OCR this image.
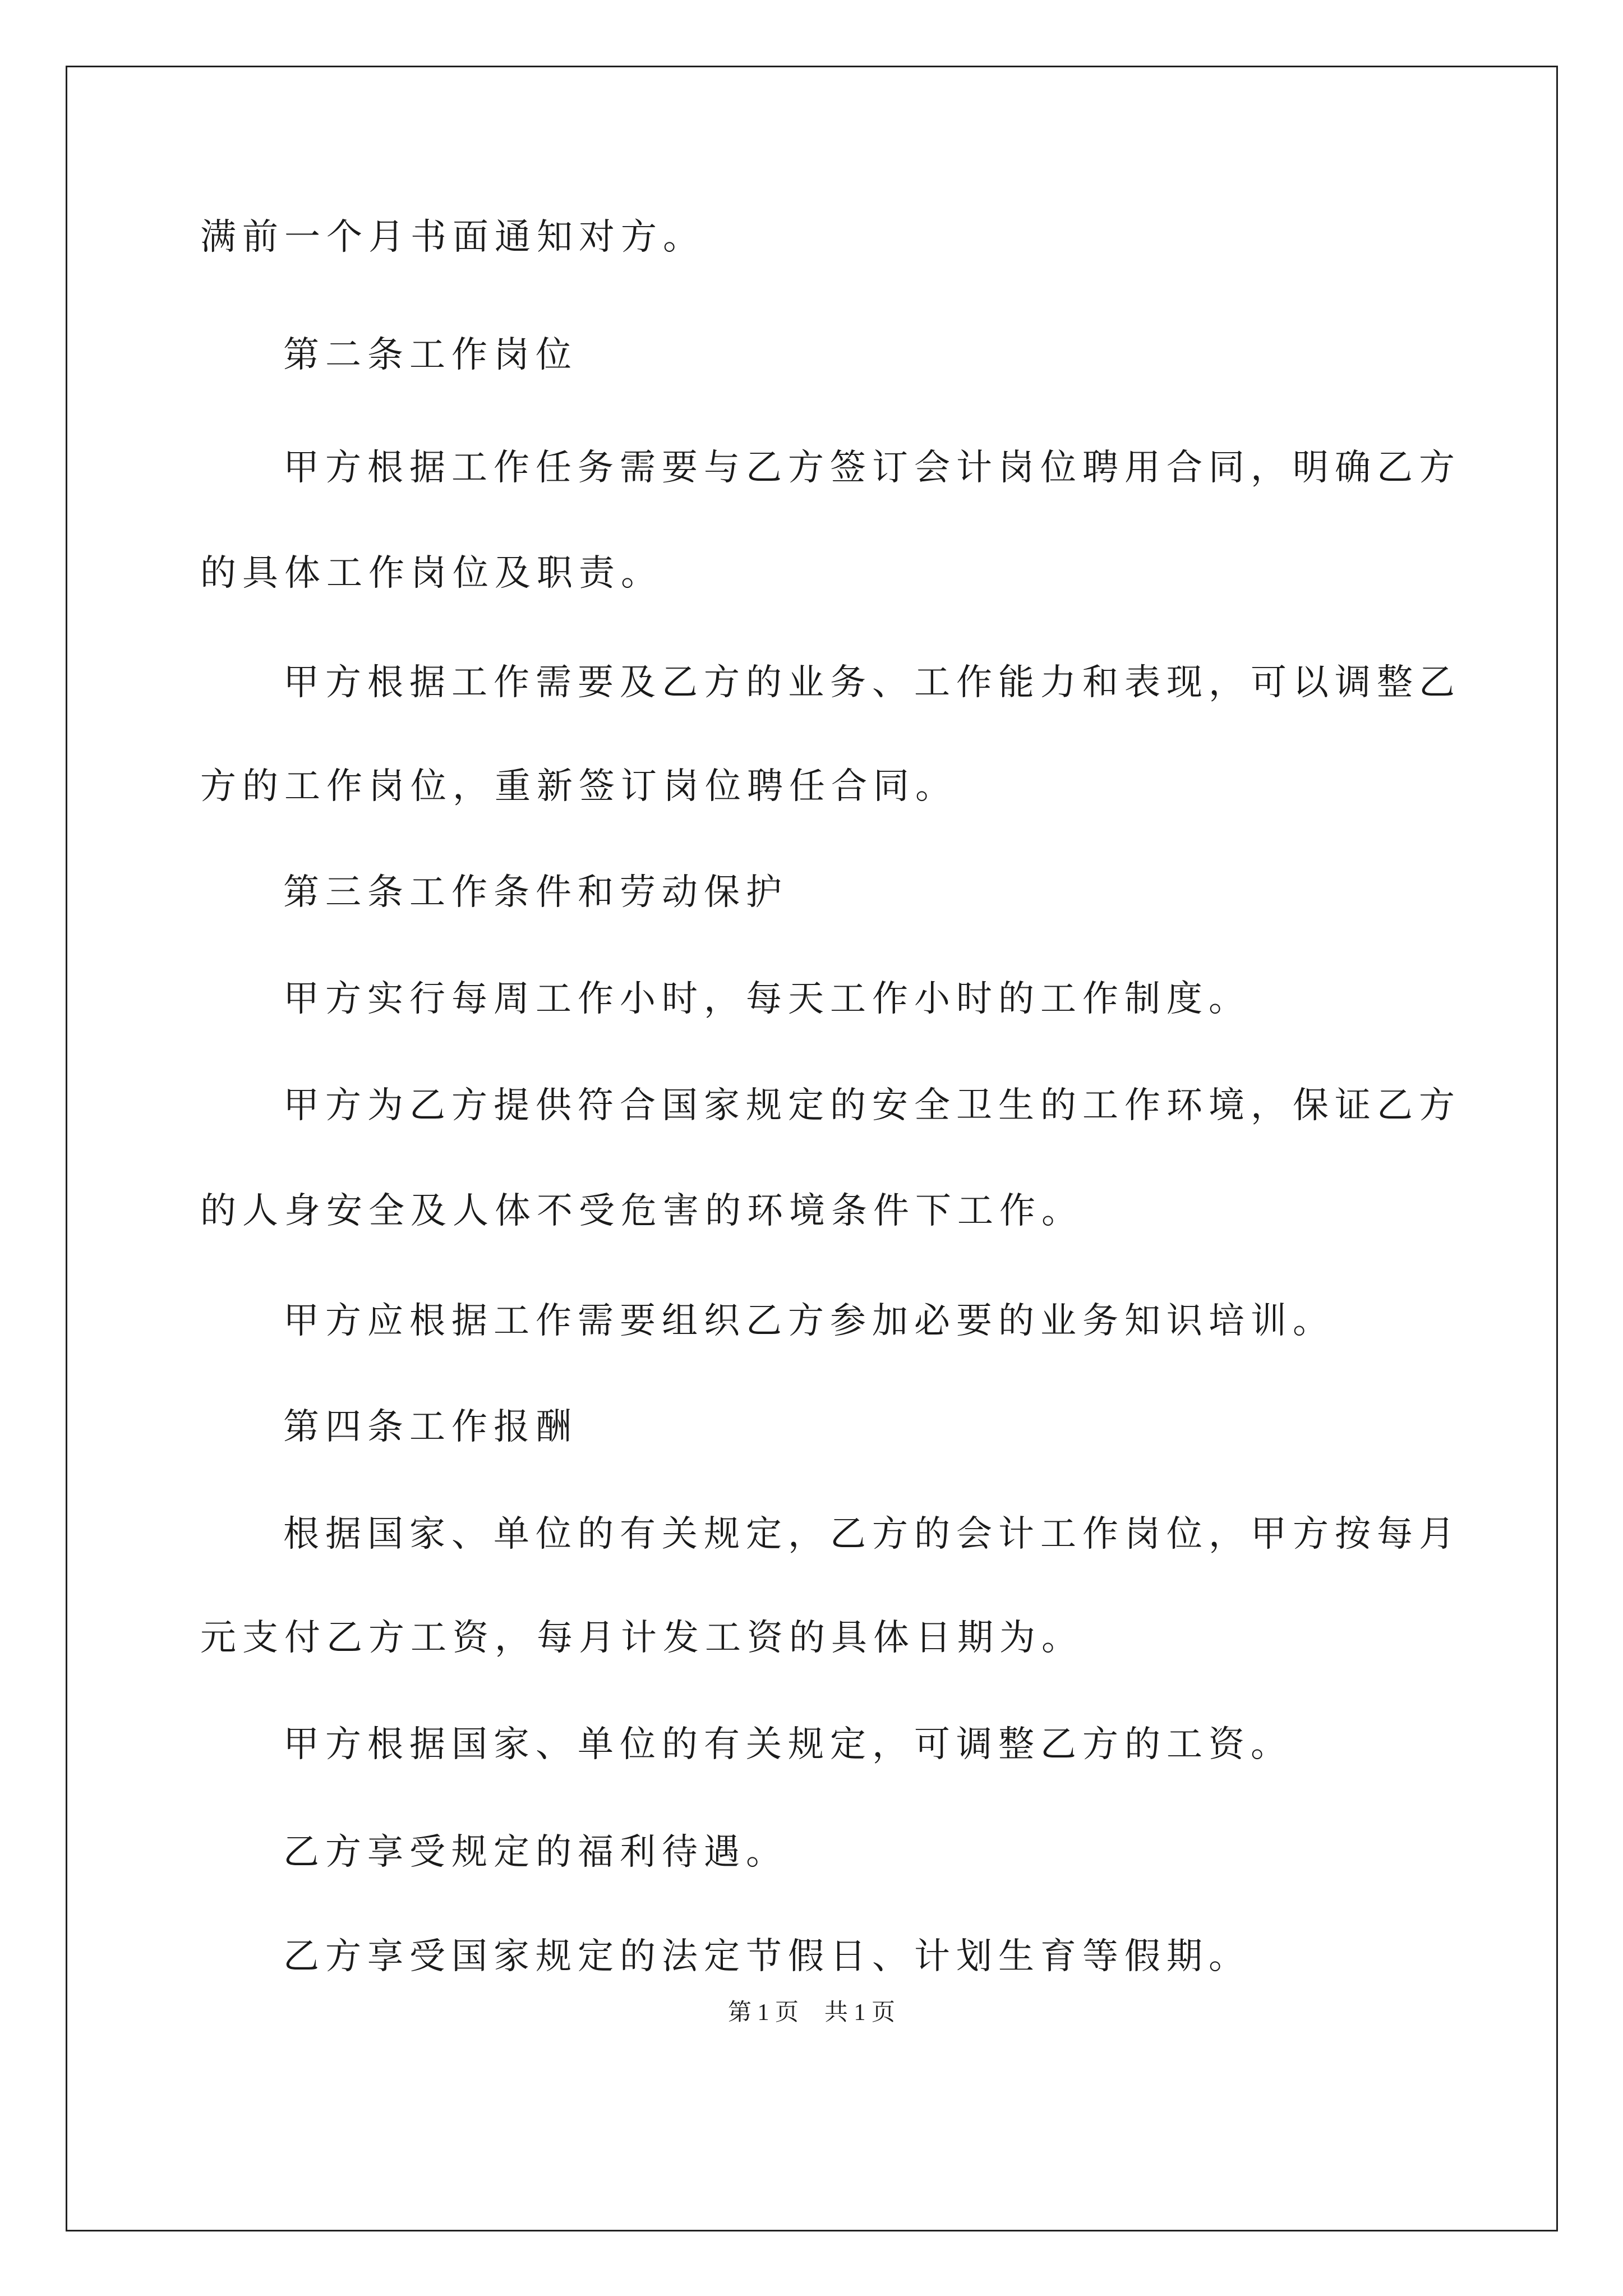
满前一个月书面通知对方。
第二条工作岗位
甲方根据工作任务需要与乙方签订会计岗位聘用合同，明确乙方
的具体工作岗位及职责。
甲方根据工作需要及乙方的业务、工作能力和表现，可以调整乙
方的工作岗位，重新签订岗位聘任合同。
第三条工作条件和劳动保护
甲方实行每周工作小时，每天工作小时的工作制度。
甲方为乙方提供符合国家规定的安全卫生的工作环境，保证乙方
的人身安全及人体不受危害的环境条件下工作。
甲方应根据工作需要组织乙方参加必要的业务知识培训。
第四条工作报酬
根据国家、单位的有关规定，乙方的会计工作岗位，甲方按每月
元支付乙方工资，每月计发工资的具体日期为。
甲方根据国家、单位的有关规定，可调整乙方的工资。
乙方享受规定的福利待遇。
乙方享受国家规定的法定节假日、计划生育等假期。
第 1 页 共 1 页
